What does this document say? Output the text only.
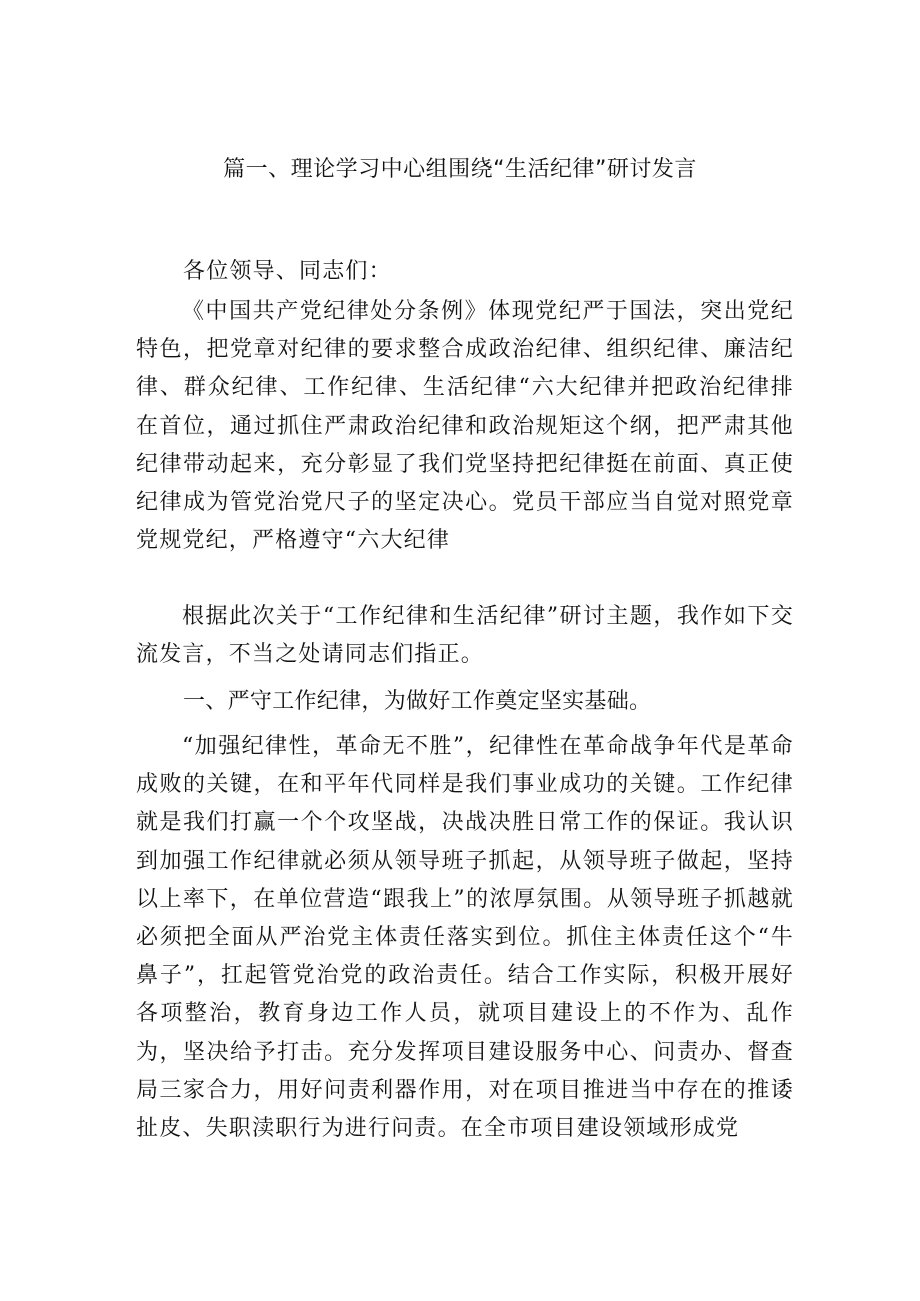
篇一、理论学习中心组围绕“生活纪律”研讨发言
各位领导、同志们：

《中国共产党纪律处分条例》体现党纪严于国法，突出党纪特色，把党章对纪律的要求整合成政治纪律、组织纪律、廉洁纪律、群众纪律、工作纪律、生活纪律“六大纪律并把政治纪律排在首位，通过抓住严肃政治纪律和政治规矩这个纲，把严肃其他纪律带动起来，充分彰显了我们党坚持把纪律挺在前面、真正使纪律成为管党治党尺子的坚定决心。党员干部应当自觉对照党章党规党纪，严格遵守“六大纪律

根据此次关于“工作纪律和生活纪律”研讨主题，我作如下交流发言，不当之处请同志们指正。

一、严守工作纪律，为做好工作奠定坚实基础。

“加强纪律性，革命无不胜”，纪律性在革命战争年代是革命成败的关键，在和平年代同样是我们事业成功的关键。工作纪律就是我们打赢一个个攻坚战，决战决胜日常工作的保证。我认识到加强工作纪律就必须从领导班子抓起，从领导班子做起，坚持以上率下，在单位营造“跟我上”的浓厚氛围。从领导班子抓越就必须把全面从严治党主体责任落实到位。抓住主体责任这个“牛鼻子”，扛起管党治党的政治责任。结合工作实际，积极开展好各项整治，教育身边工作人员，就项目建设上的不作为、乱作为，坚决给予打击。充分发挥项目建设服务中心、问责办、督查局三家合力，用好问责利器作用，对在项目推进当中存在的推诿扯皮、失职渎职行为进行问责。在全市项目建设领域形成党
